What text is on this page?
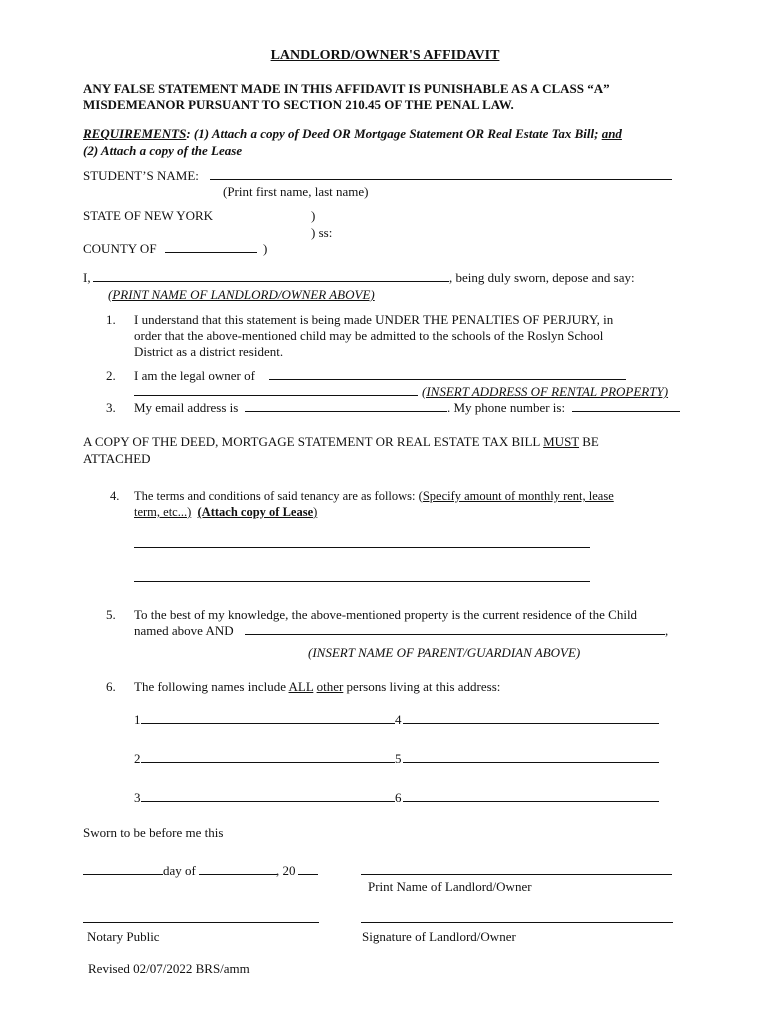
LANDLORD/OWNER'S AFFIDAVIT
ANY FALSE STATEMENT MADE IN THIS AFFIDAVIT IS PUNISHABLE AS A CLASS “A”
MISDEMEANOR PURSUANT TO SECTION 210.45 OF THE PENAL LAW.
REQUIREMENTS: (1) Attach a copy of Deed OR Mortgage Statement OR Real Estate Tax Bill; and
(2) Attach a copy of the Lease
STUDENT’S NAME:
(Print first name, last name)
STATE OF NEW YORK	)
) ss:
COUNTY OF	)
I,	, being duly sworn, depose and say:
(PRINT NAME OF LANDLORD/OWNER ABOVE)
1. I understand that this statement is being made UNDER THE PENALTIES OF PERJURY, in
order that the above-mentioned child may be admitted to the schools of the Roslyn School
District as a district resident.
2. I am the legal owner of
(INSERT ADDRESS OF RENTAL PROPERTY)
3. My email address is	. My phone number is:
A COPY OF THE DEED, MORTGAGE STATEMENT OR REAL ESTATE TAX BILL MUST BE
ATTACHED
4. The terms and conditions of said tenancy are as follows: (Specify amount of monthly rent, lease
term, etc...) (Attach copy of Lease)
5. To the best of my knowledge, the above-mentioned property is the current residence of the Child
named above AND	,
(INSERT NAME OF PARENT/GUARDIAN ABOVE)
6. The following names include ALL other persons living at this address:
1	4
2	5
3	6
Sworn to be before me this
day of	, 20
Print Name of Landlord/Owner
Notary Public	Signature of Landlord/Owner
Revised 02/07/2022 BRS/amm
